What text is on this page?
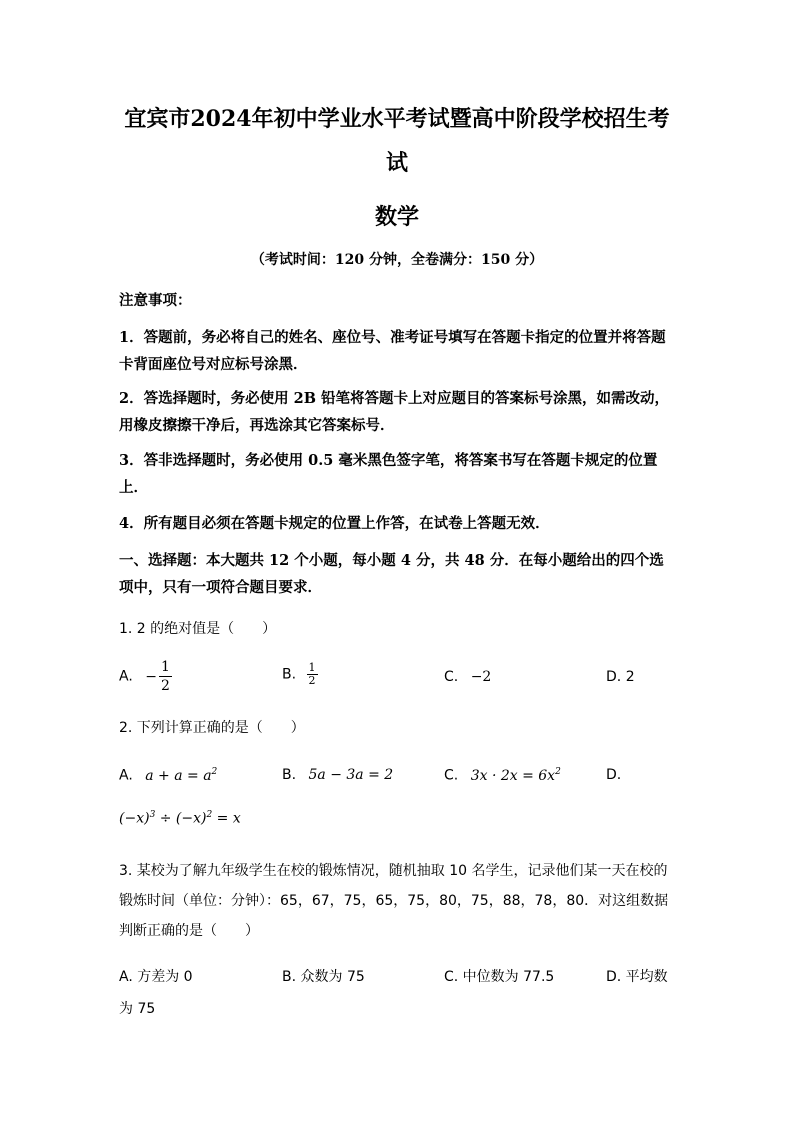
宜宾市2024年初中学业水平考试暨高中阶段学校招生考
试
数学
（考试时间：120 分钟，全卷满分：150 分）
注意事项：
1．答题前，务必将自己的姓名、座位号、准考证号填写在答题卡指定的位置并将答题卡背面座位号对应标号涂黑．
2．答选择题时，务必使用 2B 铅笔将答题卡上对应题目的答案标号涂黑，如需改动，用橡皮擦擦干净后，再选涂其它答案标号．
3．答非选择题时，务必使用 0.5 毫米黑色签字笔，将答案书写在答题卡规定的位置上．
4．所有题目必须在答题卡规定的位置上作答，在试卷上答题无效．
一、选择题：本大题共 12 个小题，每小题 4 分，共 48 分．在每小题给出的四个选项中，只有一项符合题目要求．
1. 2 的绝对值是（　　）
A. − $\frac{1}{2}$	B. $\frac{1}{2}$	C. −2	D. 2
2. 下列计算正确的是（　　）
A. $a + a = a^2$	B. 5a − 3a = 2	C. $3x \cdot 2x = 6x^2$	D.
$(-x)^3 \div (-x)^2 = x$
3. 某校为了解九年级学生在校的锻炼情况，随机抽取 10 名学生，记录他们某一天在校的锻炼时间（单位：分钟）：65，67，75，65，75，80，75，88，78，80．对这组数据判断正确的是（　　）
A. 方差为 0	B. 众数为 75	C. 中位数为 77.5	D. 平均数
为 75
